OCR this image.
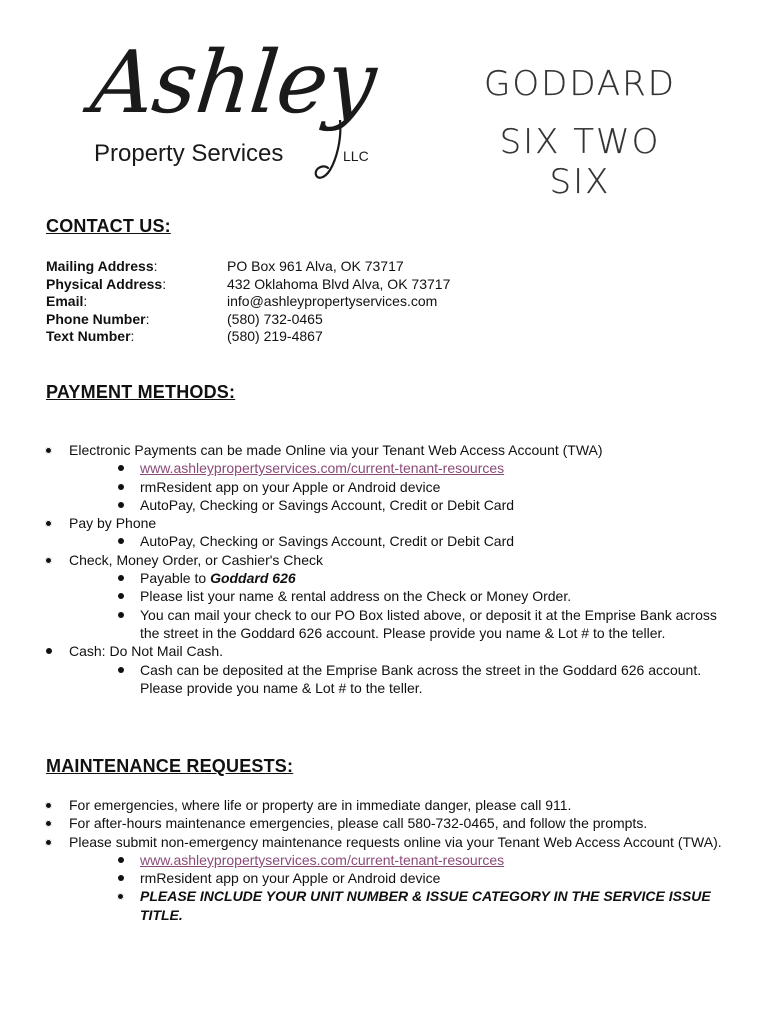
Ashley
Property Services	LLC
GODDARD
SIX TWO SIX
CONTACT US:
Mailing Address:	PO Box 961 Alva, OK 73717
Physical Address:	432 Oklahoma Blvd Alva, OK 73717
Email:	info@ashleypropertyservices.com
Phone Number:	(580) 732-0465
Text Number:	(580) 219-4867
PAYMENT METHODS:
Electronic Payments can be made Online via your Tenant Web Access Account (TWA)
www.ashleypropertyservices.com/current-tenant-resources
rmResident app on your Apple or Android device
AutoPay, Checking or Savings Account, Credit or Debit Card
Pay by Phone
AutoPay, Checking or Savings Account, Credit or Debit Card
Check, Money Order, or Cashier's Check
Payable to Goddard 626
Please list your name & rental address on the Check or Money Order.
You can mail your check to our PO Box listed above, or deposit it at the Emprise Bank across the street in the Goddard 626 account. Please provide you name & Lot # to the teller.
Cash: Do Not Mail Cash.
Cash can be deposited at the Emprise Bank across the street in the Goddard 626 account. Please provide you name & Lot # to the teller.
MAINTENANCE REQUESTS:
For emergencies, where life or property are in immediate danger, please call 911.
For after-hours maintenance emergencies, please call 580-732-0465, and follow the prompts.
Please submit non-emergency maintenance requests online via your Tenant Web Access Account (TWA).
www.ashleypropertyservices.com/current-tenant-resources
rmResident app on your Apple or Android device
PLEASE INCLUDE YOUR UNIT NUMBER & ISSUE CATEGORY IN THE SERVICE ISSUE TITLE.
